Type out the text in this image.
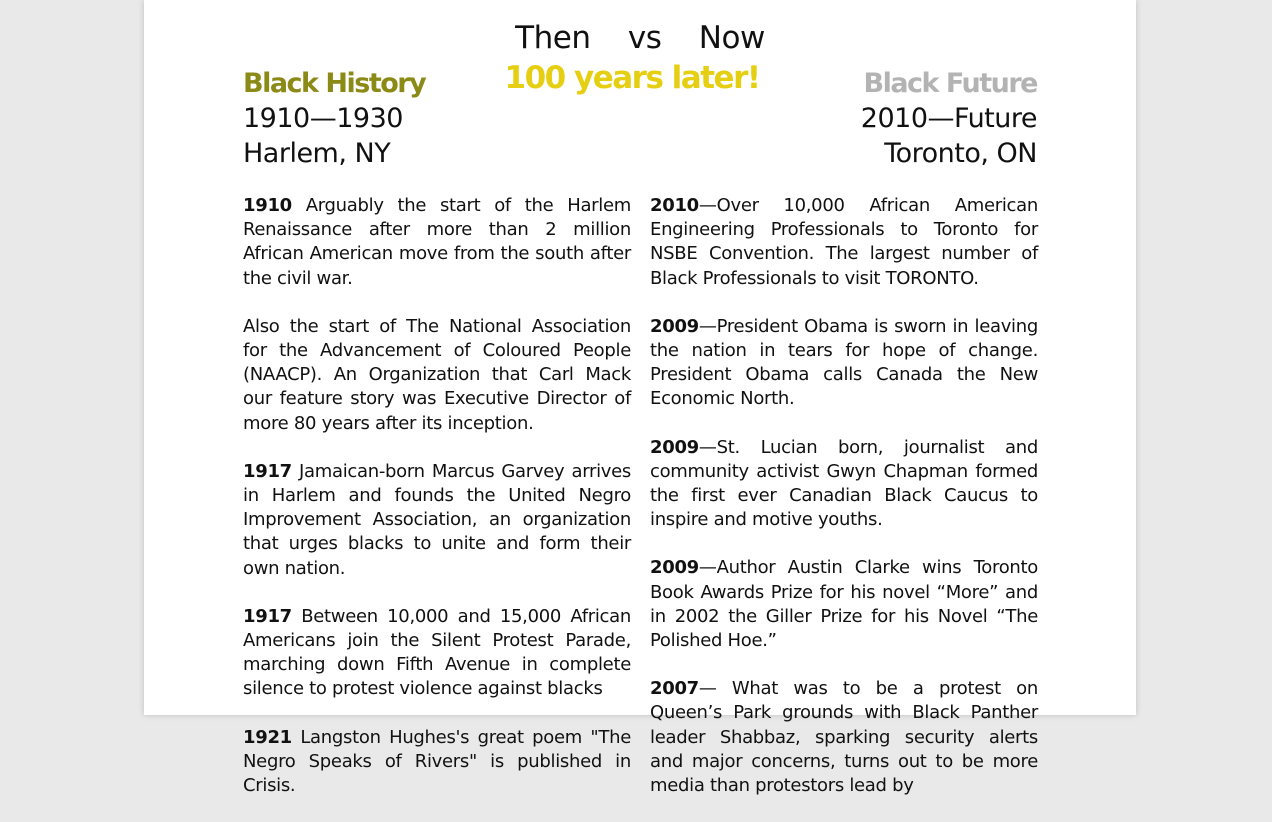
Then    vs    Now
100 years later!
Black History
1910—1930
Harlem, NY
Black Future
2010—Future
Toronto, ON

1910 Arguably the start of the Harlem Renaissance after more than 2 million African American move from the south after the civil war.

Also the start of The National Association for the Advancement of Coloured People (NAACP). An Organization that Carl Mack our feature story was Executive Director of more 80 years after its inception.

1917 Jamaican-born Marcus Garvey arrives in Harlem and founds the United Negro Improvement Association, an organization that urges blacks to unite and form their own nation.

1917 Between 10,000 and 15,000 African Americans join the Silent Protest Parade, marching down Fifth Avenue in complete silence to protest violence against blacks

1921 Langston Hughes's great poem "The Negro Speaks of Rivers" is published in Crisis.

2010—Over 10,000 African American Engineering Professionals to Toronto for NSBE Convention. The largest number of Black Professionals to visit TORONTO.

2009—President Obama is sworn in leaving the nation in tears for hope of change. President Obama calls Canada the New Economic North.

2009—St. Lucian born, journalist and community activist Gwyn Chapman formed the first ever Canadian Black Caucus to inspire and motive youths.

2009—Author Austin Clarke wins Toronto Book Awards Prize for his novel “More” and in 2002 the Giller Prize for his Novel “The Polished Hoe.”

2007— What was to be a protest on Queen’s Park grounds with Black Panther leader Shabbaz, sparking security alerts and major concerns, turns out to be more media than protestors lead by
